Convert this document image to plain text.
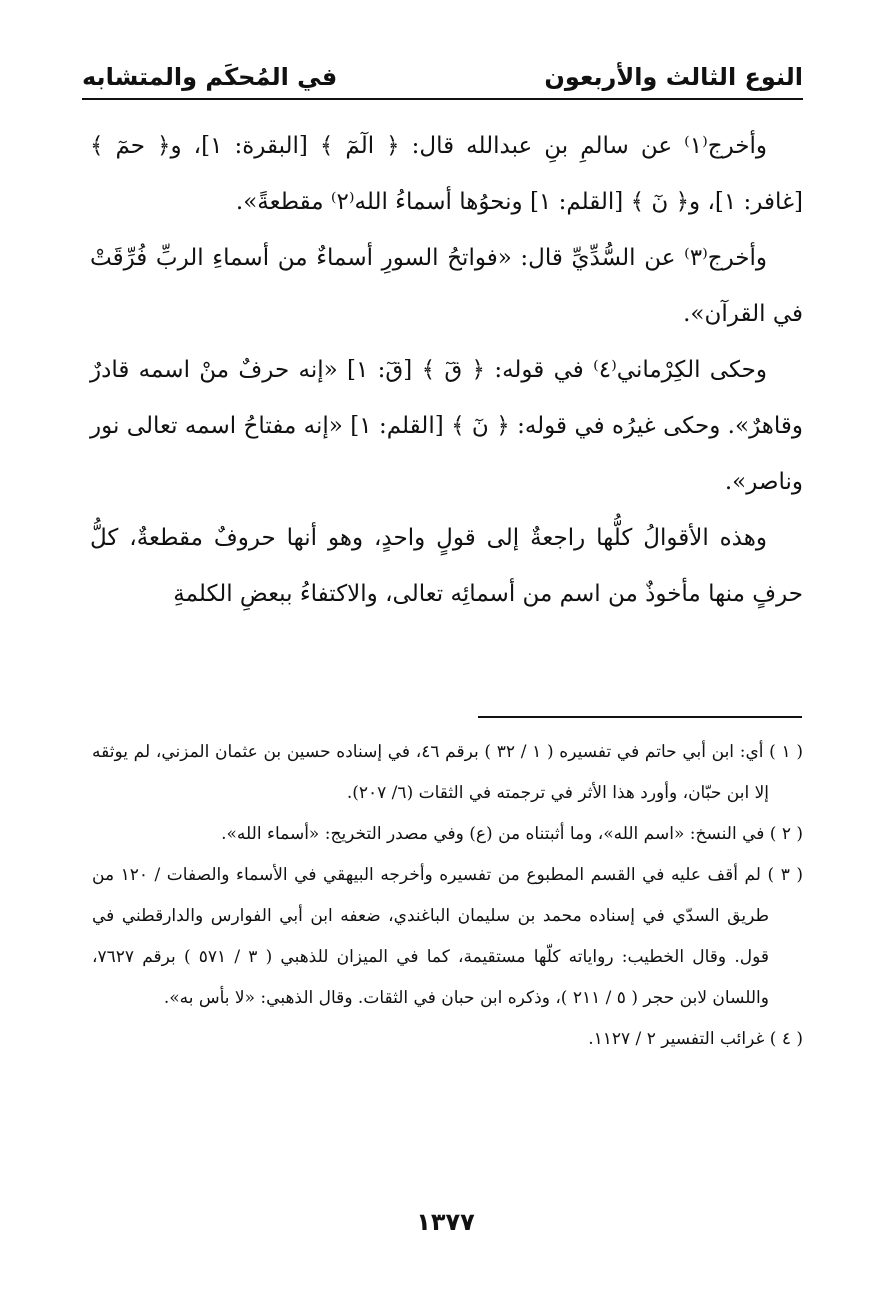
النوع الثالث والأربعون
في المُحكَم والمتشابه

وأخرج⁽١⁾ عن سالمِ بنِ عبدالله قال: ﴿ الٓمٓ ﴾ [البقرة: ١]، و﴿ حمٓ ﴾ [غافر: ١]، و﴿ نٓ ﴾ [القلم: ١] ونحوُها أسماءُ الله⁽٢⁾ مقطعةً».

وأخرج⁽٣⁾ عن السُّدِّيِّ قال: «فواتحُ السورِ أسماءٌ من أسماءِ الربِّ فُرِّقَتْ في القرآن».

وحكى الكِرْماني⁽٤⁾ في قوله: ﴿ قٓ ﴾ [قٓ: ١] «إنه حرفٌ منْ اسمه قادرٌ وقاهرٌ». وحكى غيرُه في قوله: ﴿ نٓ ﴾ [القلم: ١] «إنه مفتاحُ اسمه تعالى نور وناصر».

وهذه الأقوالُ كلُّها راجعةٌ إلى قولٍ واحدٍ، وهو أنها حروفٌ مقطعةٌ، كلُّ حرفٍ منها مأخوذٌ من اسم من أسمائِه تعالى، والاكتفاءُ ببعضِ الكلمةِ

( ١ ) أي: ابن أبي حاتم في تفسيره ( ١ / ٣٢ ) برقم ٤٦، في إسناده حسين بن عثمان المزني، لم يوثقه إلا ابن حبّان، وأورد هذا الأثر في ترجمته في الثقات (٦/ ٢٠٧).

( ٢ ) في النسخ: «اسم الله»، وما أثبتناه من (ع) وفي مصدر التخريج: «أسماء الله».

( ٣ ) لم أقف عليه في القسم المطبوع من تفسيره وأخرجه البيهقي في الأسماء والصفات / ١٢٠ من طريق السدّي في إسناده محمد بن سليمان الباغندي، ضعفه ابن أبي الفوارس والدارقطني في قول. وقال الخطيب: رواياته كلّها مستقيمة، كما في الميزان للذهبي ( ٣ / ٥٧١ ) برقم ٧٦٢٧، واللسان لابن حجر ( ٥ / ٢١١ )، وذكره ابن حبان في الثقات. وقال الذهبي: «لا بأس به».

( ٤ ) غرائب التفسير ٢ / ١١٢٧.

١٣٧٧
